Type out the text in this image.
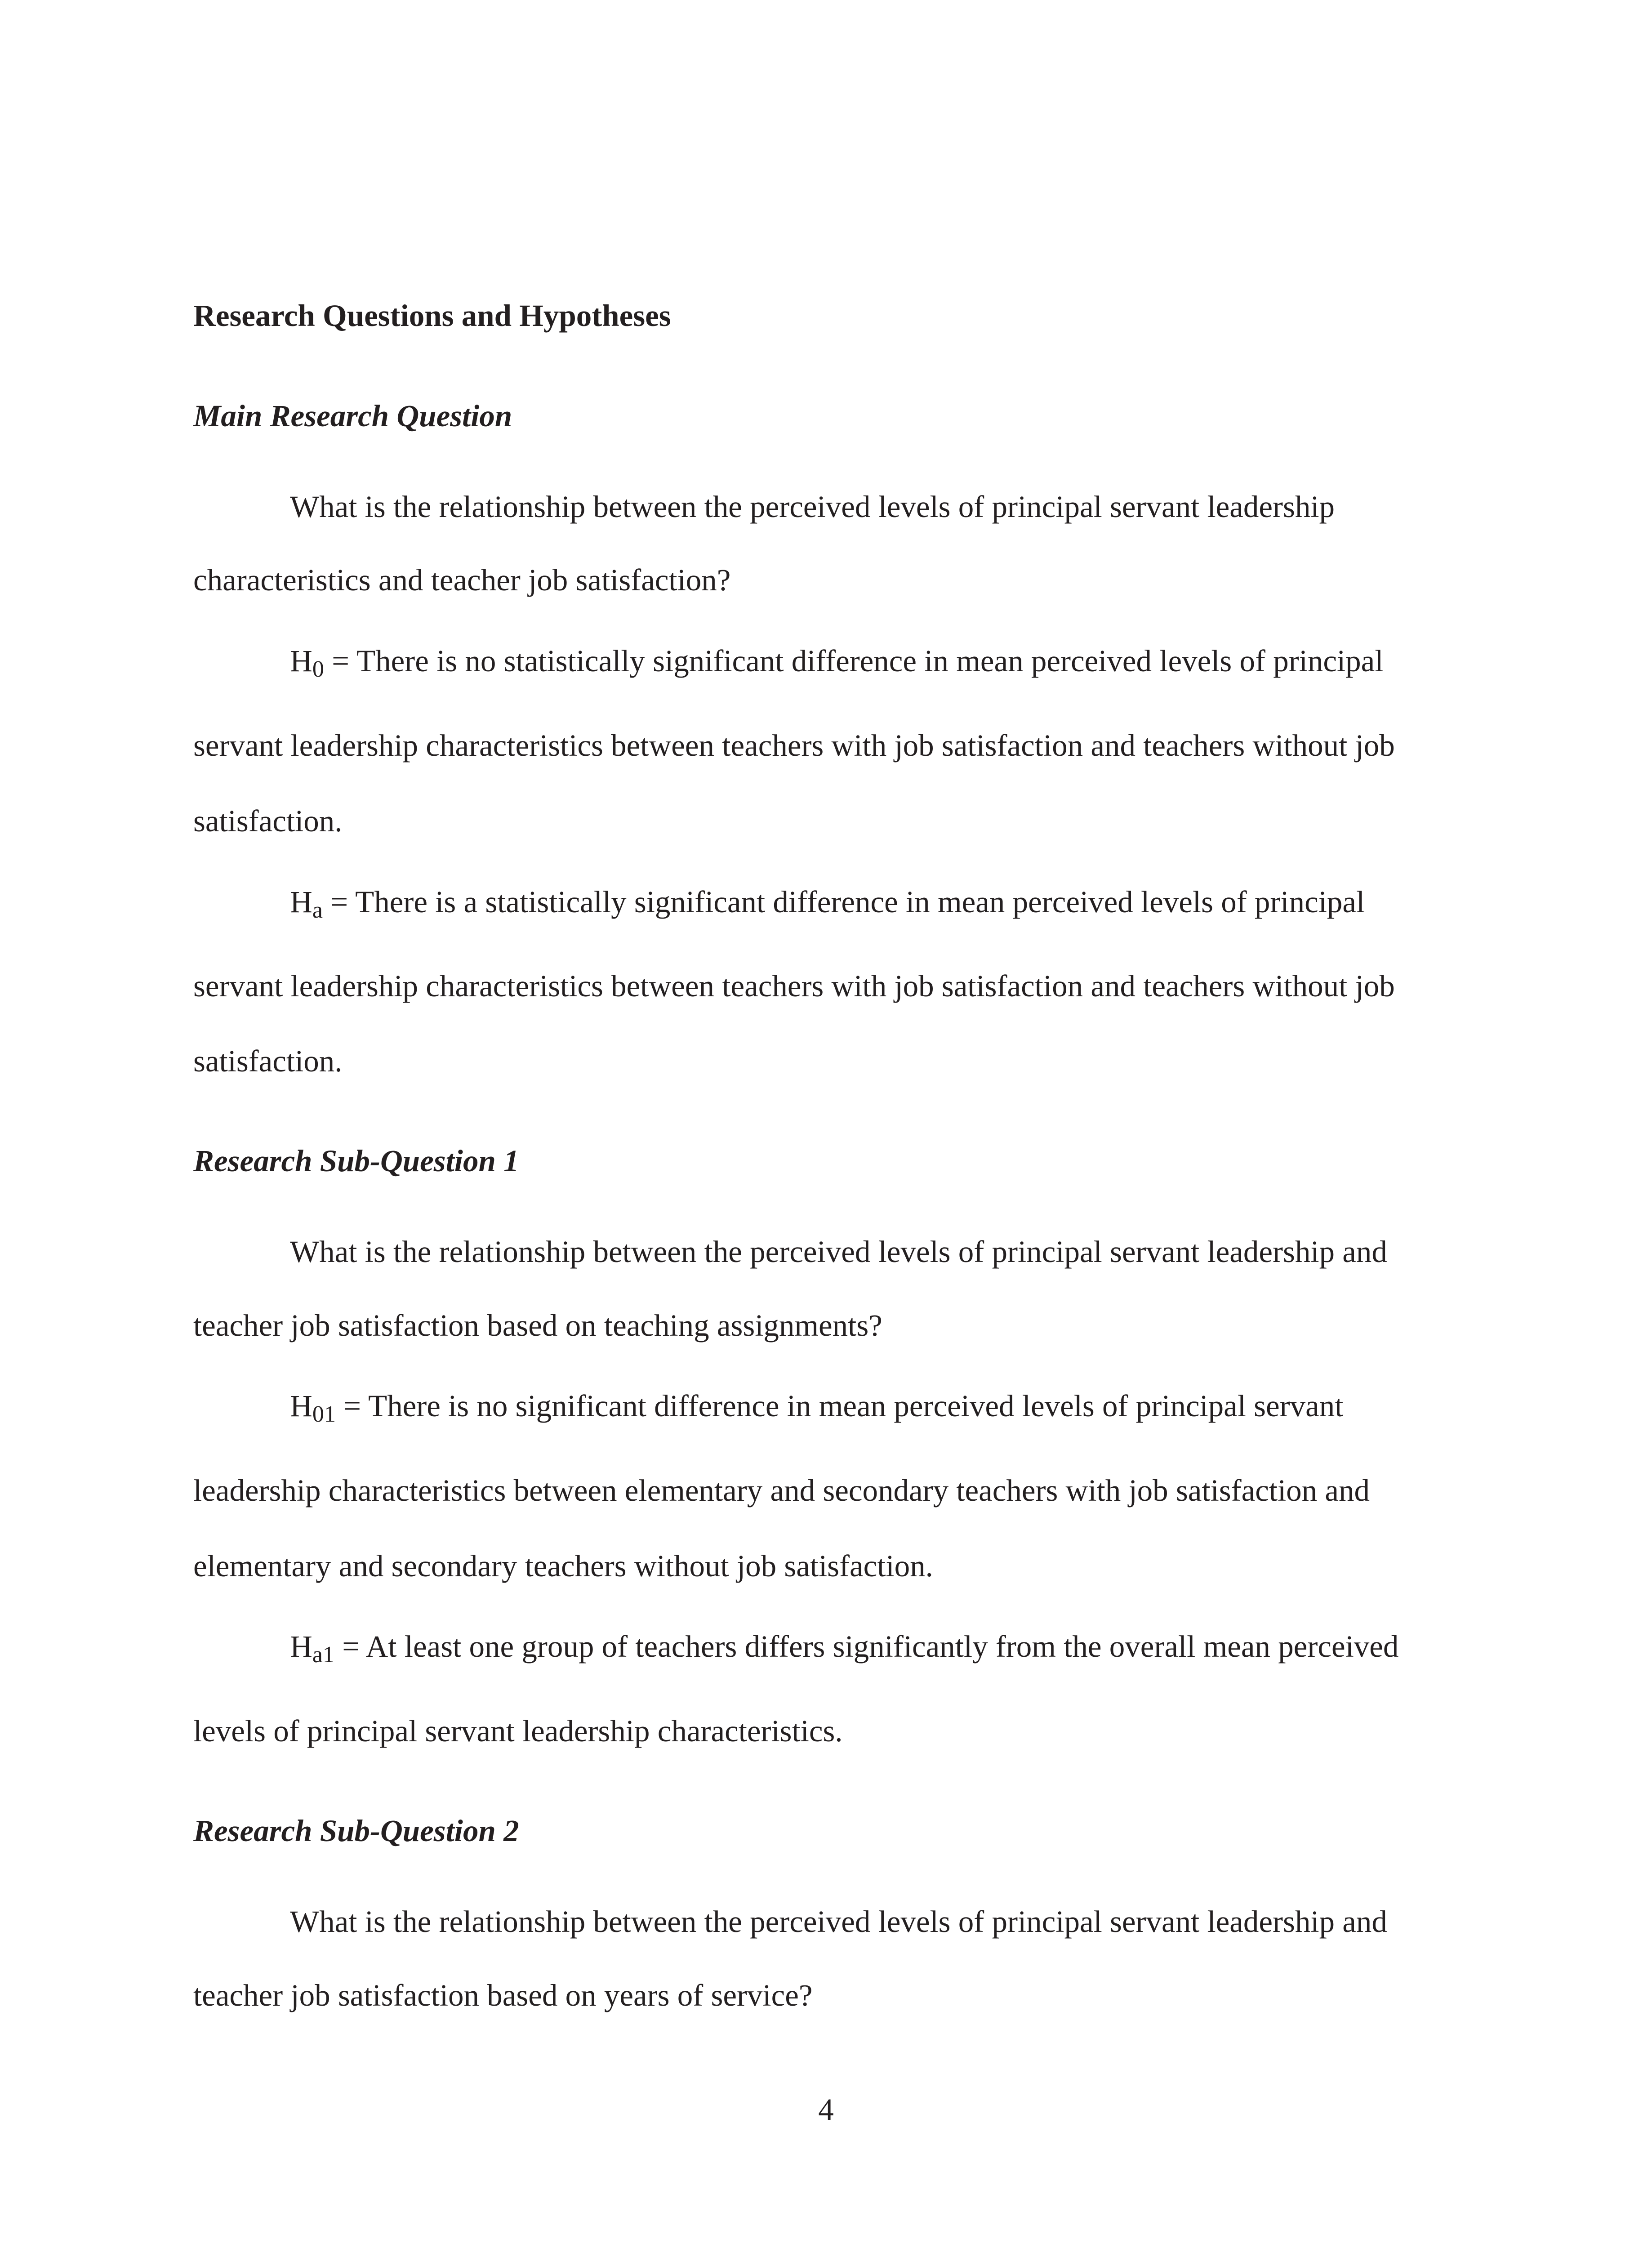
Research Questions and Hypotheses

Main Research Question

What is the relationship between the perceived levels of principal servant leadership

characteristics and teacher job satisfaction?

H0 = There is no statistically significant difference in mean perceived levels of principal

servant leadership characteristics between teachers with job satisfaction and teachers without job

satisfaction.

Ha = There is a statistically significant difference in mean perceived levels of principal

servant leadership characteristics between teachers with job satisfaction and teachers without job

satisfaction.

Research Sub-Question 1

What is the relationship between the perceived levels of principal servant leadership and

teacher job satisfaction based on teaching assignments?

H01 = There is no significant difference in mean perceived levels of principal servant

leadership characteristics between elementary and secondary teachers with job satisfaction and

elementary and secondary teachers without job satisfaction.

Ha1 = At least one group of teachers differs significantly from the overall mean perceived

levels of principal servant leadership characteristics.

Research Sub-Question 2

What is the relationship between the perceived levels of principal servant leadership and

teacher job satisfaction based on years of service?

4
